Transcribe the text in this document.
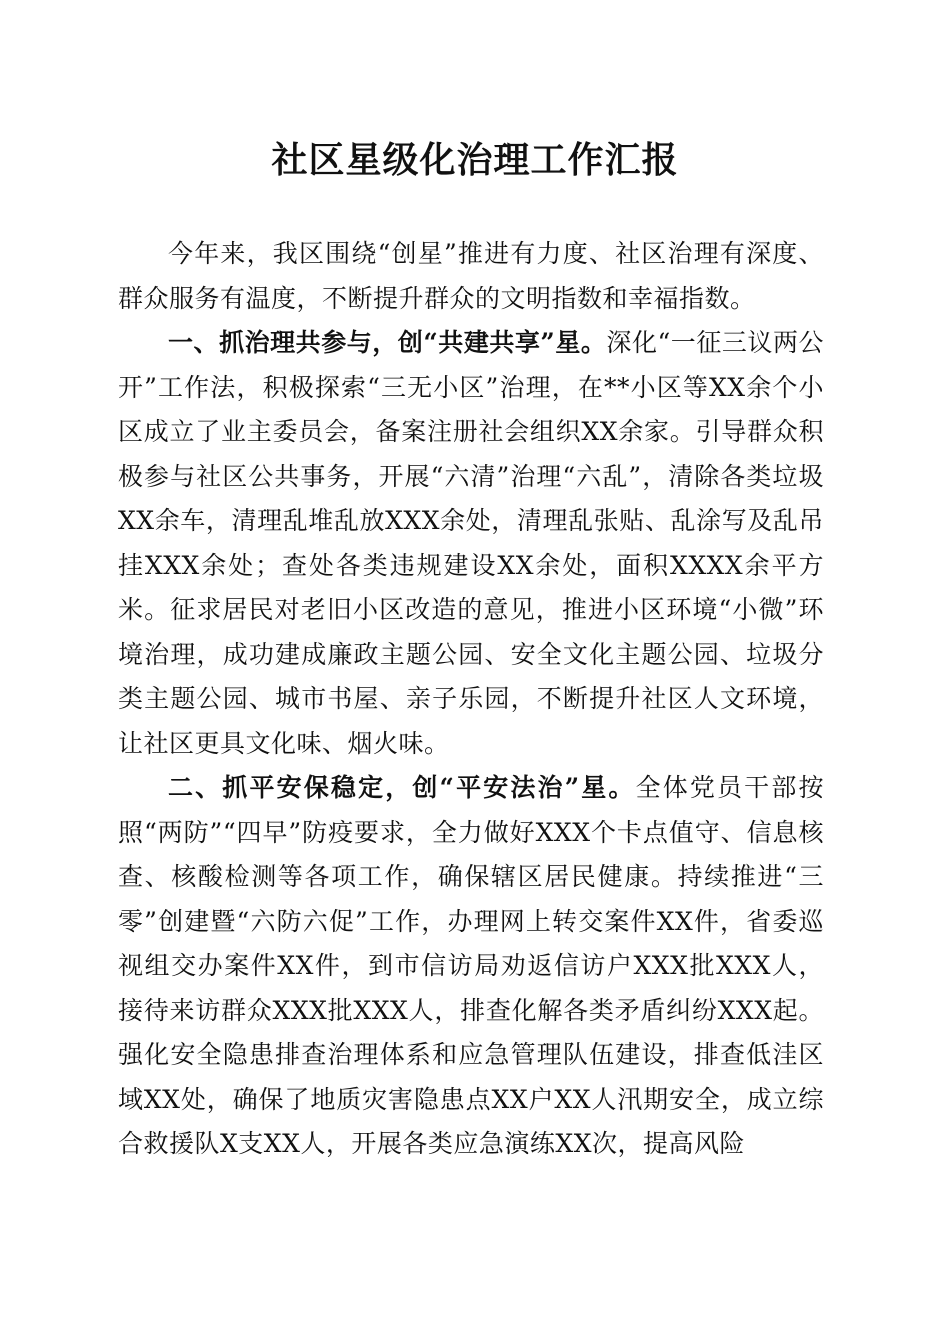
社区星级化治理工作汇报

今年来，我区围绕“创星”推进有力度、社区治理有深度、群众服务有温度，不断提升群众的文明指数和幸福指数。

一、抓治理共参与，创“共建共享”星。深化“一征三议两公开”工作法，积极探索“三无小区”治理，在**小区等XX余个小区成立了业主委员会，备案注册社会组织XX余家。引导群众积极参与社区公共事务，开展“六清”治理“六乱”，清除各类垃圾XX余车，清理乱堆乱放XXX余处，清理乱张贴、乱涂写及乱吊挂XXX余处；查处各类违规建设XX余处，面积XXXX余平方米。征求居民对老旧小区改造的意见，推进小区环境“小微”环境治理，成功建成廉政主题公园、安全文化主题公园、垃圾分类主题公园、城市书屋、亲子乐园，不断提升社区人文环境，让社区更具文化味、烟火味。

二、抓平安保稳定，创“平安法治”星。全体党员干部按照“两防”“四早”防疫要求，全力做好XXX个卡点值守、信息核查、核酸检测等各项工作，确保辖区居民健康。持续推进“三零”创建暨“六防六促”工作，办理网上转交案件XX件，省委巡视组交办案件XX件，到市信访局劝返信访户XXX批XXX人，接待来访群众XXX批XXX人，排查化解各类矛盾纠纷XXX起。强化安全隐患排查治理体系和应急管理队伍建设，排查低洼区域XX处，确保了地质灾害隐患点XX户XX人汛期安全，成立综合救援队X支XX人，开展各类应急演练XX次，提高风险
